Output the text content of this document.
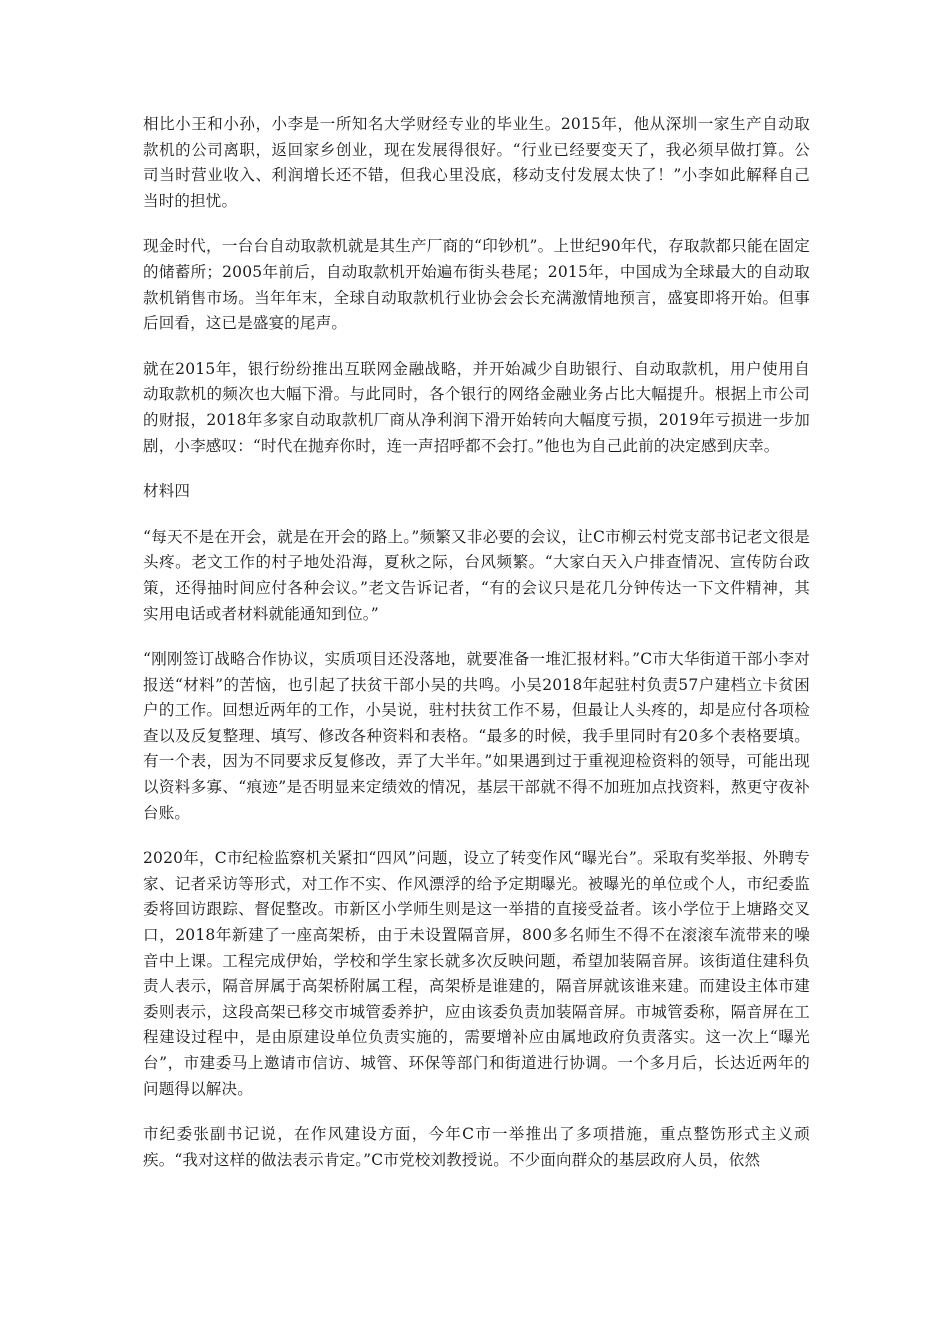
相比小王和小孙，小李是一所知名大学财经专业的毕业生。2015年，他从深圳一家生产自动取款机的公司离职，返回家乡创业，现在发展得很好。“行业已经要变天了，我必须早做打算。公司当时营业收入、利润增长还不错，但我心里没底，移动支付发展太快了！”小李如此解释自己当时的担忧。

现金时代，一台台自动取款机就是其生产厂商的“印钞机”。上世纪90年代，存取款都只能在固定的储蓄所；2005年前后，自动取款机开始遍布街头巷尾；2015年，中国成为全球最大的自动取款机销售市场。当年年末，全球自动取款机行业协会会长充满激情地预言，盛宴即将开始。但事后回看，这已是盛宴的尾声。

就在2015年，银行纷纷推出互联网金融战略，并开始减少自助银行、自动取款机，用户使用自动取款机的频次也大幅下滑。与此同时，各个银行的网络金融业务占比大幅提升。根据上市公司的财报，2018年多家自动取款机厂商从净利润下滑开始转向大幅度亏损，2019年亏损进一步加剧，小李感叹：“时代在抛弃你时，连一声招呼都不会打。”他也为自己此前的决定感到庆幸。

材料四

“每天不是在开会，就是在开会的路上。”频繁又非必要的会议，让C市柳云村党支部书记老文很是头疼。老文工作的村子地处沿海，夏秋之际，台风频繁。“大家白天入户排查情况、宣传防台政策，还得抽时间应付各种会议。”老文告诉记者，“有的会议只是花几分钟传达一下文件精神，其实用电话或者材料就能通知到位。”

“刚刚签订战略合作协议，实质项目还没落地，就要准备一堆汇报材料。”C市大华街道干部小李对报送“材料”的苦恼，也引起了扶贫干部小吴的共鸣。小吴2018年起驻村负责57户建档立卡贫困户的工作。回想近两年的工作，小吴说，驻村扶贫工作不易，但最让人头疼的，却是应付各项检查以及反复整理、填写、修改各种资料和表格。“最多的时候，我手里同时有20多个表格要填。有一个表，因为不同要求反复修改，弄了大半年。”如果遇到过于重视迎检资料的领导，可能出现以资料多寡、“痕迹”是否明显来定绩效的情况，基层干部就不得不加班加点找资料，熬更守夜补台账。

2020年，C市纪检监察机关紧扣“四风”问题，设立了转变作风“曝光台”。采取有奖举报、外聘专家、记者采访等形式，对工作不实、作风漂浮的给予定期曝光。被曝光的单位或个人，市纪委监委将回访跟踪、督促整改。市新区小学师生则是这一举措的直接受益者。该小学位于上塘路交叉口，2018年新建了一座高架桥，由于未设置隔音屏，800多名师生不得不在滚滚车流带来的噪音中上课。工程完成伊始，学校和学生家长就多次反映问题，希望加装隔音屏。该街道住建科负责人表示，隔音屏属于高架桥附属工程，高架桥是谁建的，隔音屏就该谁来建。而建设主体市建委则表示，这段高架已移交市城管委养护，应由该委负责加装隔音屏。市城管委称，隔音屏在工程建设过程中，是由原建设单位负责实施的，需要增补应由属地政府负责落实。这一次上“曝光台”，市建委马上邀请市信访、城管、环保等部门和街道进行协调。一个多月后，长达近两年的问题得以解决。

市纪委张副书记说，在作风建设方面，今年C市一举推出了多项措施，重点整饬形式主义顽疾。“我对这样的做法表示肯定。”C市党校刘教授说。不少面向群众的基层政府人员，依然
